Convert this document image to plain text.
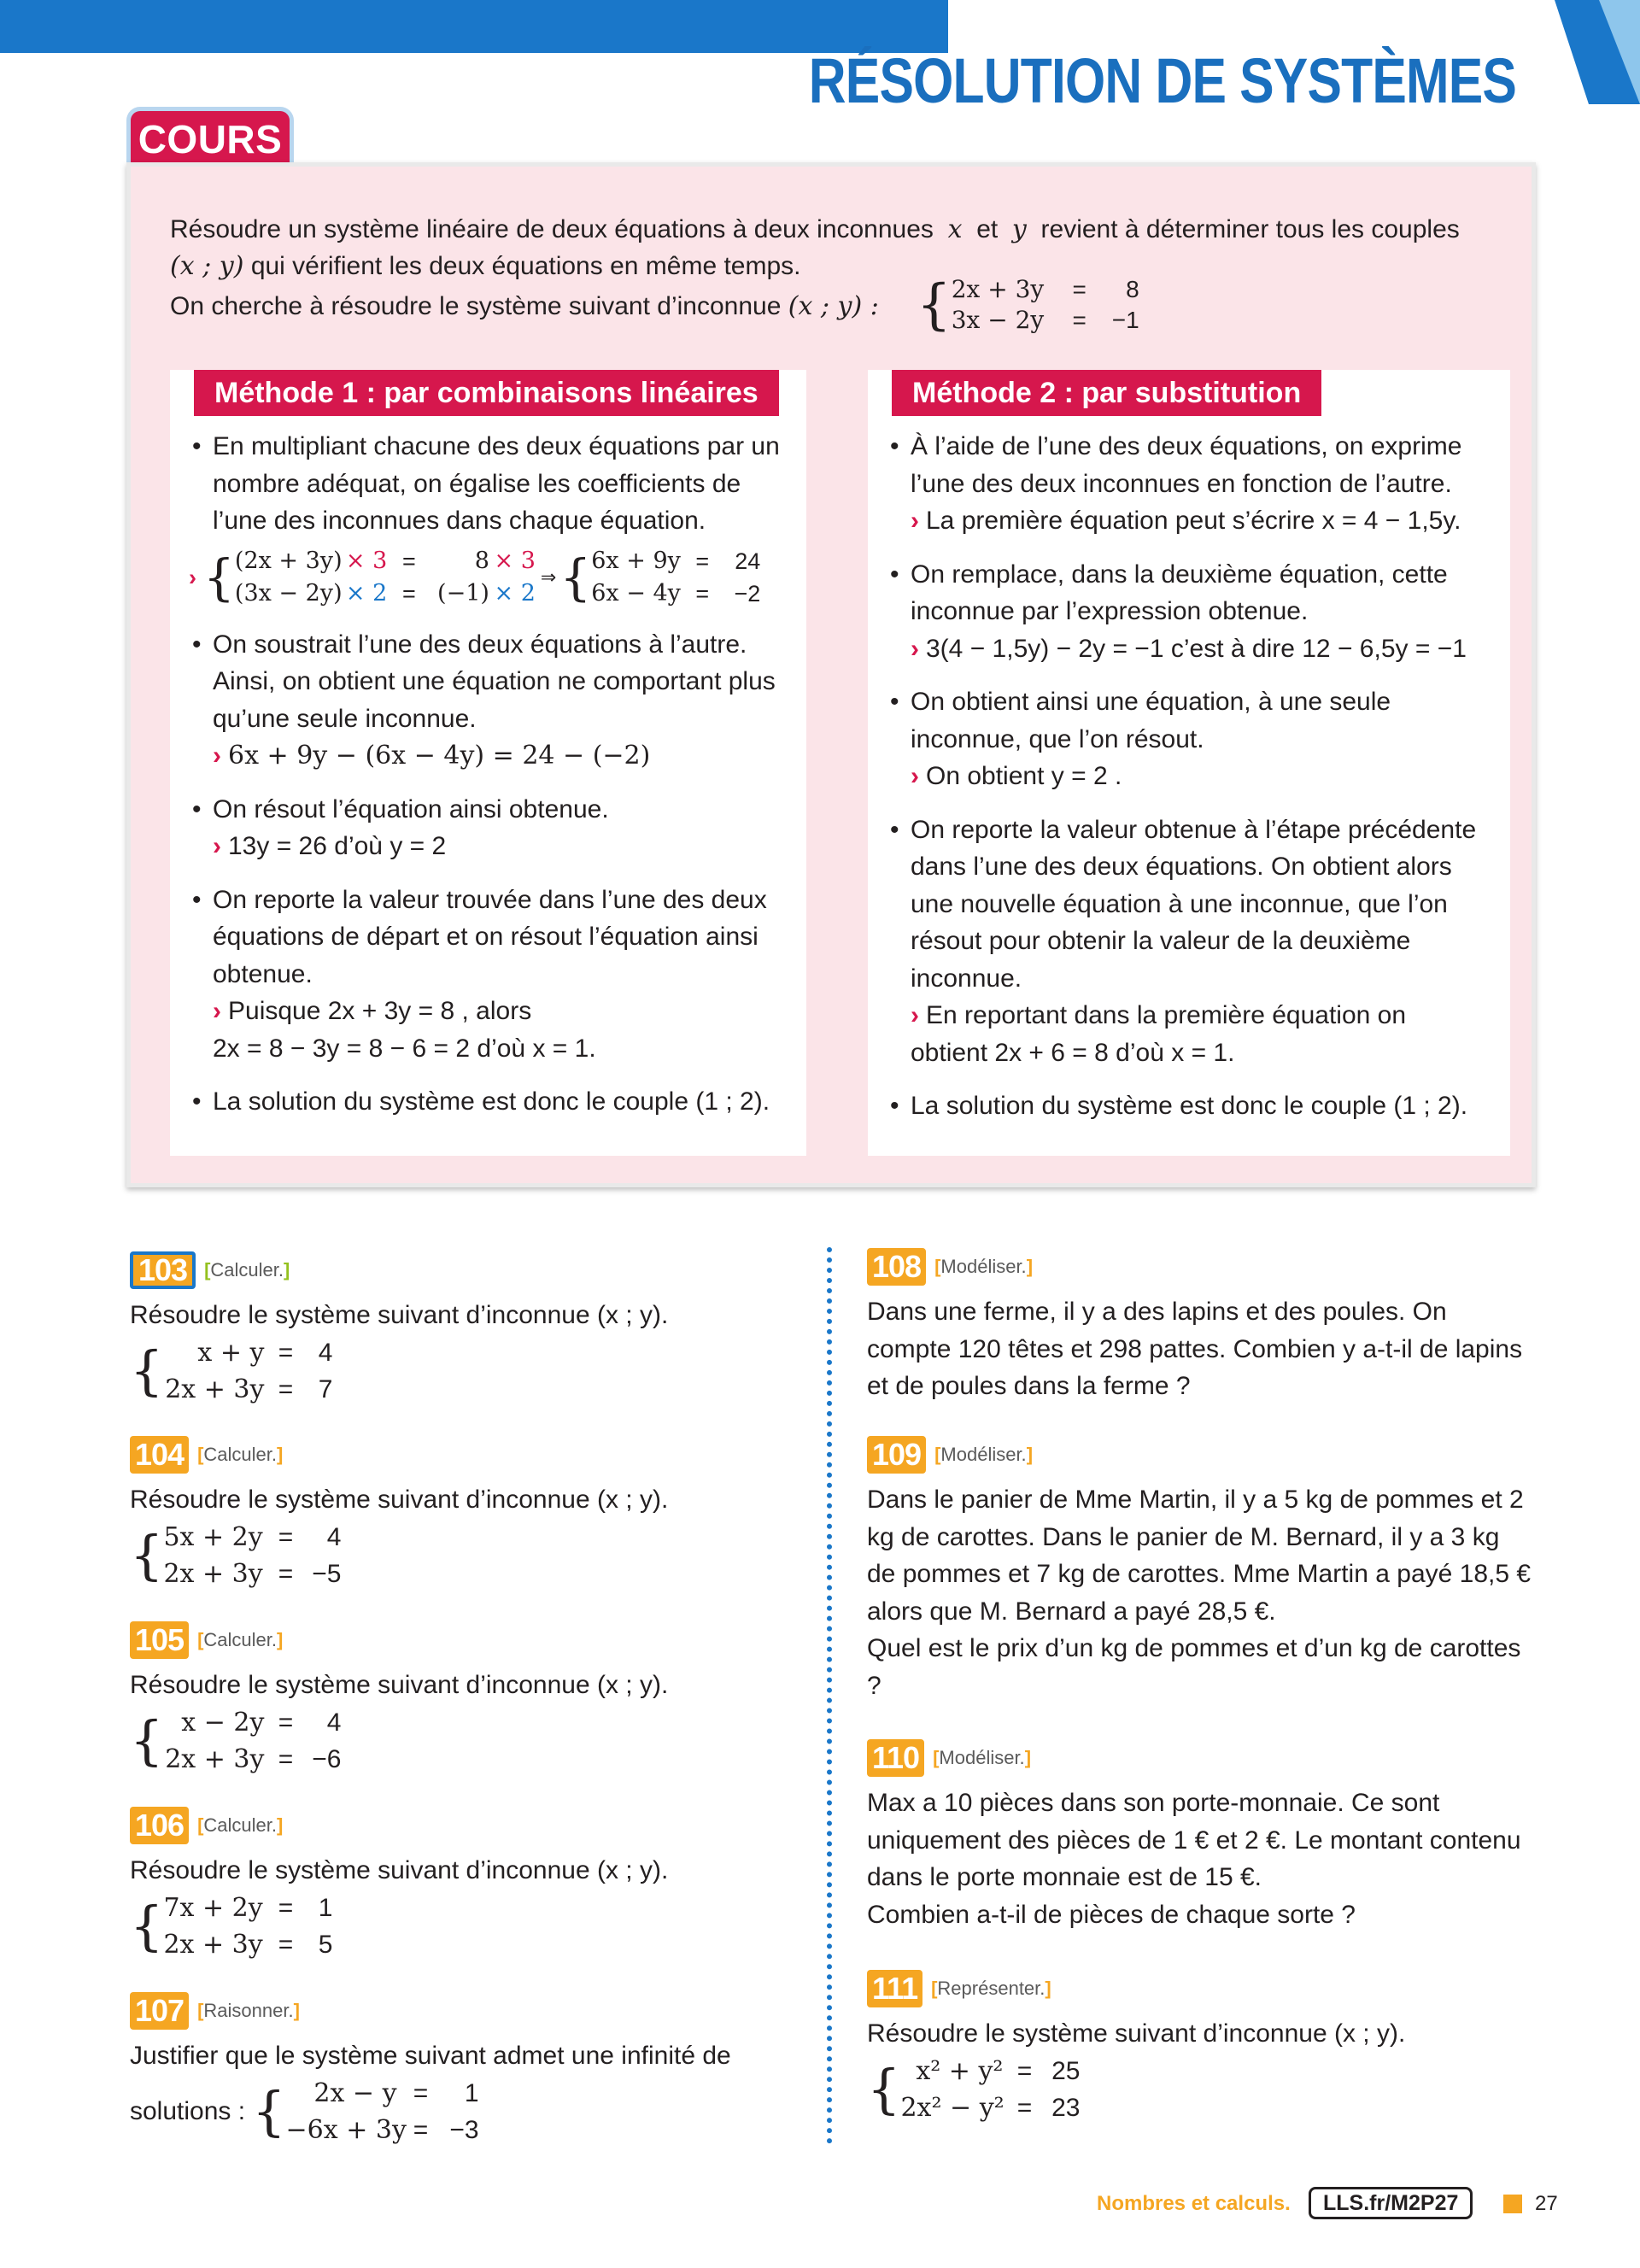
RÉSOLUTION DE SYSTÈMES
COURS
Résoudre un système linéaire de deux équations à deux inconnues x et y revient à déterminer tous les couples
(x ; y) qui vérifient les deux équations en même temps.
On cherche à résoudre le système suivant d’inconnue (x ; y) : { 2x + 3y	=	8
3x − 2y	=	−1
Méthode 1 : par combinaisons linéaires
• En multipliant chacune des deux équations par un nombre adéquat, on égalise les coefficients de l’une des inconnues dans chaque équation.
› { (2x + 3y) × 3 =	8 × 3
(3x − 2y) × 2 = (−1) × 2
⇒ { 6x + 9y =	24
6x − 4y =	−2
• On soustrait l’une des deux équations à l’autre. Ainsi, on obtient une équation ne comportant plus qu’une seule inconnue.
› 6x + 9y − (6x − 4y) = 24 − (−2)
• On résout l’équation ainsi obtenue.
› 13y = 26 d’où y = 2
• On reporte la valeur trouvée dans l’une des deux équations de départ et on résout l’équation ainsi obtenue.
› Puisque 2x + 3y = 8 , alors
2x = 8 − 3y = 8 − 6 = 2 d’où x = 1.
• La solution du système est donc le couple (1 ; 2).
Méthode 2 : par substitution
• À l’aide de l’une des deux équations, on exprime l’une des deux inconnues en fonction de l’autre.
› La première équation peut s’écrire x = 4 − 1,5y.
• On remplace, dans la deuxième équation, cette inconnue par l’expression obtenue.
› 3(4 − 1,5y) − 2y = −1 c’est à dire 12 − 6,5y = −1
• On obtient ainsi une équation, à une seule inconnue, que l’on résout.
› On obtient y = 2 .
• On reporte la valeur obtenue à l’étape précédente dans l’une des deux équations. On obtient alors une nouvelle équation à une inconnue, que l’on résout pour obtenir la valeur de la deuxième inconnue.
› En reportant dans la première équation on
obtient 2x + 6 = 8 d’où x = 1.
• La solution du système est donc le couple (1 ; 2).
103 [Calculer.]

Résoudre le système suivant d’inconnue (x ; y).

{	x + y = 4
2x + 3y = 7
104 [Calculer.]

Résoudre le système suivant d’inconnue (x ; y).

{ 5x + 2y =	4
2x + 3y = −5
105 [Calculer.]

Résoudre le système suivant d’inconnue (x ; y).

{ x − 2y =	4
2x + 3y = −6
106 [Calculer.]

Résoudre le système suivant d’inconnue (x ; y).

{ 7x + 2y = 1
2x + 3y = 5
107 [Raisonner.]

Justifier que le système suivant admet une infinité de

solutions : {	2x − y =	1
−6x + 3y = −3
108 [Modéliser.]

Dans une ferme, il y a des lapins et des poules. On compte 120 têtes et 298 pattes. Combien y a-t-il de lapins et de poules dans la ferme ?

109 [Modéliser.]

Dans le panier de Mme Martin, il y a 5 kg de pommes et 2 kg de carottes. Dans le panier de M. Bernard, il y a 3 kg de pommes et 7 kg de carottes. Mme Martin a payé 18,5 € alors que M. Bernard a payé 28,5 €.

Quel est le prix d’un kg de pommes et d’un kg de carottes ?

110 [Modéliser.]

Max a 10 pièces dans son porte-monnaie. Ce sont uniquement des pièces de 1 € et 2 €. Le montant contenu dans le porte monnaie est de 15 €.

Combien a-t-il de pièces de chaque sorte ?

111 [Représenter.]

Résoudre le système suivant d’inconnue (x ; y).

{ x² + y² = 25
2x² − y² = 23
Nombres et calculs.	LLS.fr/M2P27	27
